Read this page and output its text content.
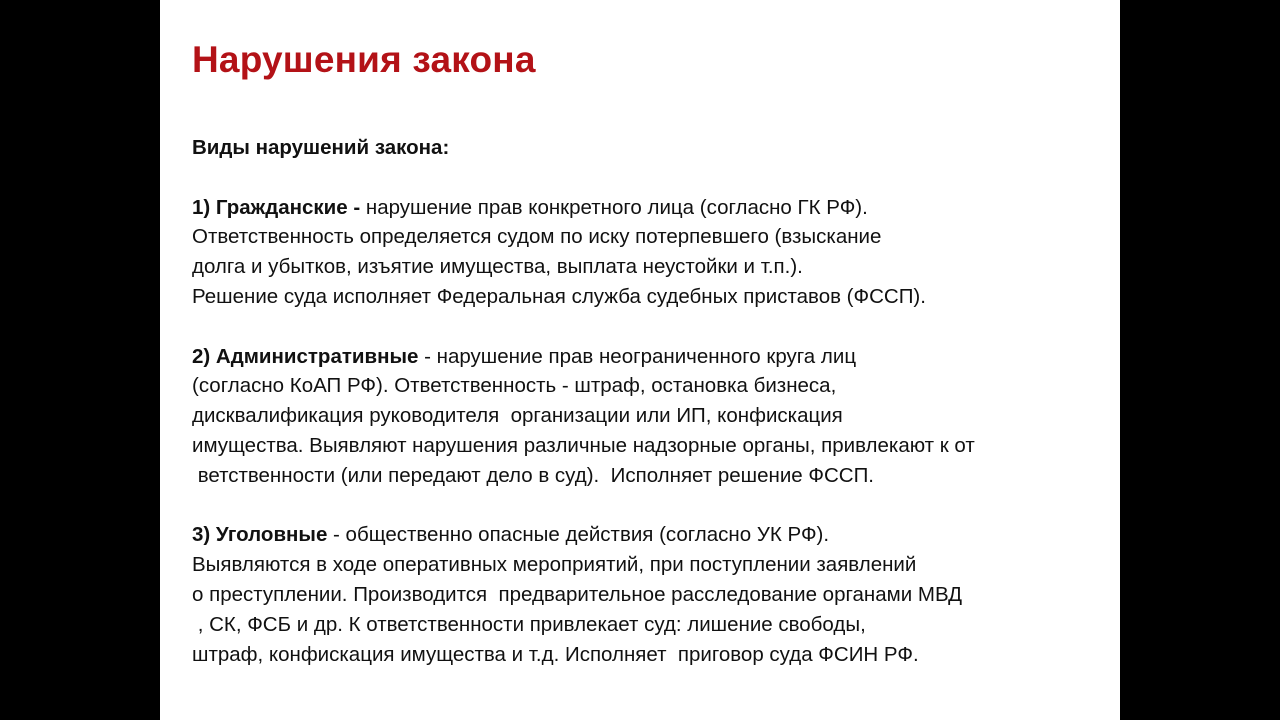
Нарушения закона
Виды нарушений закона:
1) Гражданские - нарушение прав конкретного лица (согласно ГК РФ).
Ответственность определяется судом по иску потерпевшего (взыскание
долга и убытков, изъятие имущества, выплата неустойки и т.п.).
Решение суда исполняет Федеральная служба судебных приставов (ФССП).
2) Административные - нарушение прав неограниченного круга лиц
(согласно КоАП РФ). Ответственность - штраф, остановка бизнеса,
дисквалификация руководителя  организации или ИП, конфискация
имущества. Выявляют нарушения различные надзорные органы, привлекают к от
ветственности (или передают дело в суд).  Исполняет решение ФССП.
3) Уголовные - общественно опасные действия (согласно УК РФ).
Выявляются в ходе оперативных мероприятий, при поступлении заявлений
о преступлении. Производится  предварительное расследование органами МВД
, СК, ФСБ и др. К ответственности привлекает суд: лишение свободы,
штраф, конфискация имущества и т.д. Исполняет  приговор суда ФСИН РФ.
